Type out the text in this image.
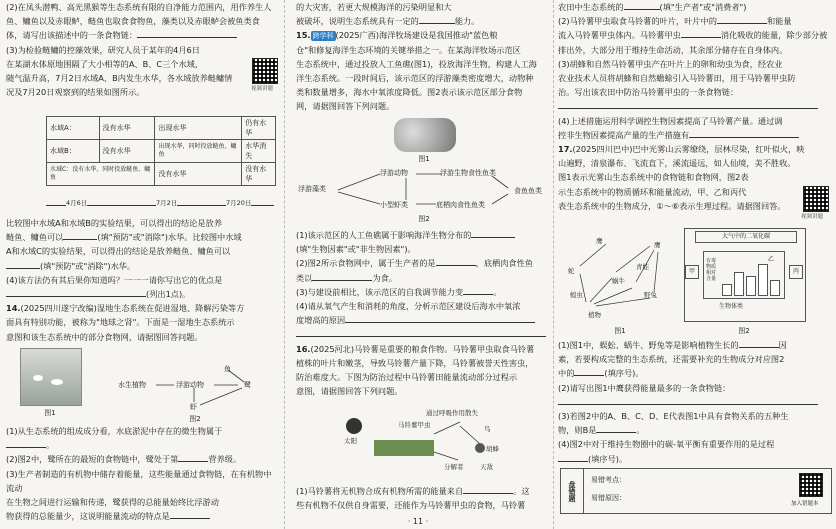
(2)在凤头潜鸭、高光黑猴等生态系统有限的自净能力范围内，用作养生人

鱼、鳙鱼以及赤眼鲈，鲢鱼也取食食物鱼，藻类以及赤眼鲈会被鱼类食

体，请写出该描述中的一条食物链：

(3)为检验鲢鳙的控藻效果，研究人员于某年的4月6日

在某湖水体原地围隔了大小相等的A、B、C三个水域，

随气温升高，7月2日水域A、B内发生水华，各水域放养鲢鳙情

况及7月20日观察到的结果如图所示。	视频讲题
水域A：	没有水华	出现水华	仍有水华
水域B：	没有水华	出现水华，同时投放鲢鱼、鳙鱼	水华消失
水域C：没有水华，同时投放鲢鱼、鳙鱼		没有水华	没有水华
4月6日	7月2日	7月20日

比较图中水域A和水域B的实验结果，可以得出的结论是放养

鲢鱼、鳙鱼可以	(填"预防"或"消除")水华。比较图中水域

A和水域C的实验结果，可以得出的结论是放养鲢鱼、鳙鱼可以

(填"预防"或"消除")水华。

(4)该方法仍有其后果你知道吗？一一一请你写出它的优点是

(列出1点)。

14.(2025四川遂宁改编)湿地生态系统在促进湿地、降解污染等方

面具有特别功能，被称为"地球之肾"。下面是一湿地生态系统示

意图和该生态系统中的部分食物网，请据图回答问题。

图1
水生植物	浮游动物
鱼
鹭
虾
图2

(1)从生态系统的组成成分看，水底淤泥中存在的微生物属于

。

(2)图2中，鹭所在的最短的食物链中，鹭处于第	营养级。

(3)生产者制造的有机物中储存着能量，这些能量通过食物链，在有机物中流动

在生物之间进行运输和传递，鹭获得的总能量始终比浮游动

物获得的总能量少，这说明能量流动的特点是

的大灾害，若更大规模海洋的污染明显和大

被破坏，说明生态系统具有一定的	能力。

15. 跨学科 (2025广西)海洋牧场建设是我国推动"蓝色粮

仓"和修复海洋生态环境的关键举措之一。在某海洋牧场示范区

生态系统中，通过投放人工鱼礁(图1)，投放海洋生物，构建人工海

洋生态系统。一段时间后，该示范区的浮游藻类密度增大，动物种

类和数量增多，海水中氧浓度降低。图2表示该示范区部分食物

网，请据图回答下列问题。

图1
浮游藻类
浮游动物	浮游生物食性鱼类
食鱼鱼类
小型虾类	底栖肉食性鱼类
图2

(1)该示范区的人工鱼礁属于影响海洋生物分布的

(填"生物因素"或"非生物因素")。

(2)图2所示食物网中，属于生产者的是	，底栖肉食性鱼

类以	为食。

(3)与建设前相比，该示范区的自我调节能力变	。

(4)请从氧气产生和消耗的角度，分析示范区建设后海水中氧浓

度增高的原因

16.(2025河北)马铃薯是重要的粮食作物。马铃薯甲虫取食马铃薯

植株的叶片和嫩茎，导致马铃薯产量下降，马铃薯被誉天性害虫，

防治难度大。下图为防治过程中马铃薯田能量流动部分过程示

意图，请据图回答下列问题。

太阳
通过呼吸作用散失
马铃薯甲虫	鸟
胡蜂
分解者	天敌

(1)马铃薯将无机物合成有机物所需的能量来自	。这

些有机物不仅供自身需要，还能作为马铃薯甲虫的食物，马铃薯

农田中生态系统的	(填"生产者"或"消费者")

(2)马铃薯甲虫取食马铃薯的叶片，叶片中的	和能量

流入马铃薯甲虫体内。马铃薯甲虫	消化吸收的能量，除少部分被

排出外，大部分用于维持生命活动，其余部分储存在自身体内。

(3)胡蜂和自然马铃薯甲虫产在叶片上的卵和幼虫为食，经农业

农业技术人员将胡蜂和自然蟾蜍引入马铃薯田，用于马铃薯甲虫防

治。写出该农田中防治马铃薯甲虫的一条食物链：

(4)上述措施运用科学调控生物因素提高了马铃薯产量。通过调

控非生物因素提高产量的生产措施有

17.(2025四川巴中)巴中光雾山云雾缭绕，层林尽染，红叶似火，映

山遍野，清泉瀑布、飞流直下，溪流遥远，如人仙境，美不胜收。

图1表示光雾山生态系统中的食物链和食物网，图2表

示生态系统中的物质循环和能量流动，甲、乙和丙代

表生态系统中的生物成分，①～⑥表示生理过程。请据图回答。

视频讲题
鹰	鹰
蛇
蜗牛
青蛙
蝗虫	野兔
植物
图1
大气中的二氧化碳
甲	丙
有毒物质相对含量
乙
生物体类
图2

(1)图1中，蜈蚣、蜗牛、野兔等是影响植物生长的	因

素，若要构成完整的生态系统，还需要补充的生物成分对应图2

中的	(填序号)。

(2)请写出图1中鹰获得能量最多的一条食物链：

(3)若图2中的A、B、C、D、E代表图1中具有食物关系的五种生

物，则B是	。

(4)图2中对于维持生物圈中的碳-氧平衡有重要作用的是过程

(填序号)。

盘错题
易错考点：
易错原因：
加入错题本
· 11 ·
